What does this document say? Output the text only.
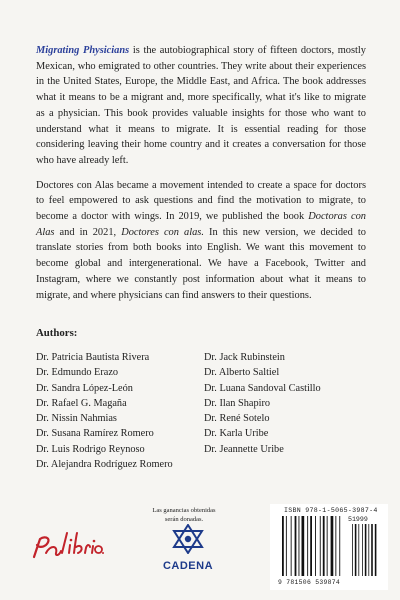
Migrating Physicians is the autobiographical story of fifteen doctors, mostly Mexican, who emigrated to other countries. They write about their experiences in the United States, Europe, the Middle East, and Africa. The book addresses what it means to be a migrant and, more specifically, what it's like to migrate as a physician. This book provides valuable insights for those who want to understand what it means to migrate. It is essential reading for those considering leaving their home country and it creates a conversation for those who have already left.

Doctores con Alas became a movement intended to create a space for doctors to feel empowered to ask questions and find the motivation to migrate, to become a doctor with wings. In 2019, we published the book Doctoras con Alas and in 2021, Doctores con alas. In this new version, we decided to translate stories from both books into English. We want this movement to become global and intergenerational. We have a Facebook, Twitter and Instagram, where we constantly post information about what it means to migrate, and where physicians can find answers to their questions.

Authors:
Dr. Patricia Bautista Rivera
Dr. Edmundo Erazo
Dr. Sandra López-León
Dr. Rafael G. Magaña
Dr. Nissin Nahmias
Dr. Susana Ramírez Romero
Dr. Luis Rodrigo Reynoso
Dr. Alejandra Rodríguez Romero
Dr. Jack Rubinstein
Dr. Alberto Saltiel
Dr. Luana Sandoval Castillo
Dr. Ilan Shapiro
Dr. René Sotelo
Dr. Karla Uribe
Dr. Jeannette Uribe
Las ganancias obtenidas
serán donadas.
CADENA
ISBN 978-1-5065-3987-4
51999
9 781506 539874
